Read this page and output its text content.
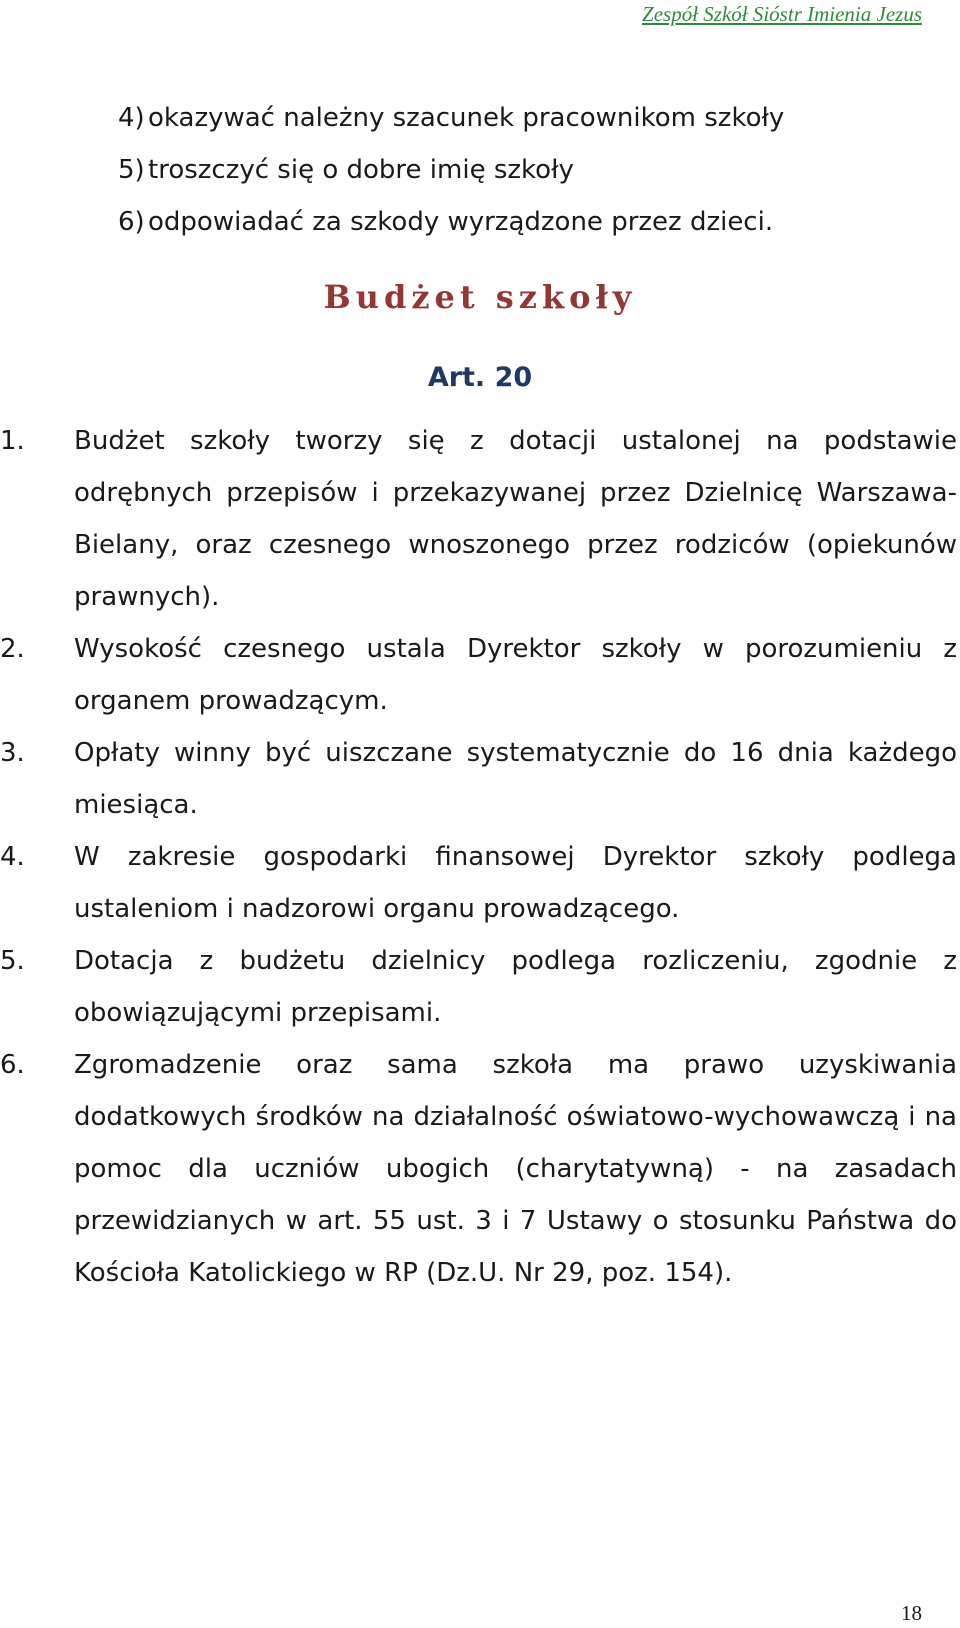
Zespół Szkół Sióstr Imienia Jezus
4) okazywać należny szacunek pracownikom szkoły
5) troszczyć się o dobre imię szkoły
6) odpowiadać za szkody wyrządzone przez dzieci.
Budżet szkoły
Art. 20
1. Budżet szkoły tworzy się z dotacji ustalonej na podstawie odrębnych przepisów i przekazywanej przez Dzielnicę Warszawa-Bielany, oraz czesnego wnoszonego przez rodziców (opiekunów prawnych).
2. Wysokość czesnego ustala Dyrektor szkoły w porozumieniu z organem prowadzącym.
3. Opłaty winny być uiszczane systematycznie do 16 dnia każdego miesiąca.
4. W zakresie gospodarki finansowej Dyrektor szkoły podlega ustaleniom i nadzorowi organu prowadzącego.
5. Dotacja z budżetu dzielnicy podlega rozliczeniu, zgodnie z obowiązującymi przepisami.
6. Zgromadzenie oraz sama szkoła ma prawo uzyskiwania dodatkowych środków na działalność oświatowo-wychowawczą i na pomoc dla uczniów ubogich (charytatywną) - na zasadach przewidzianych w art. 55 ust. 3 i 7 Ustawy o stosunku Państwa do Kościoła Katolickiego w RP (Dz.U. Nr 29, poz. 154).
18
